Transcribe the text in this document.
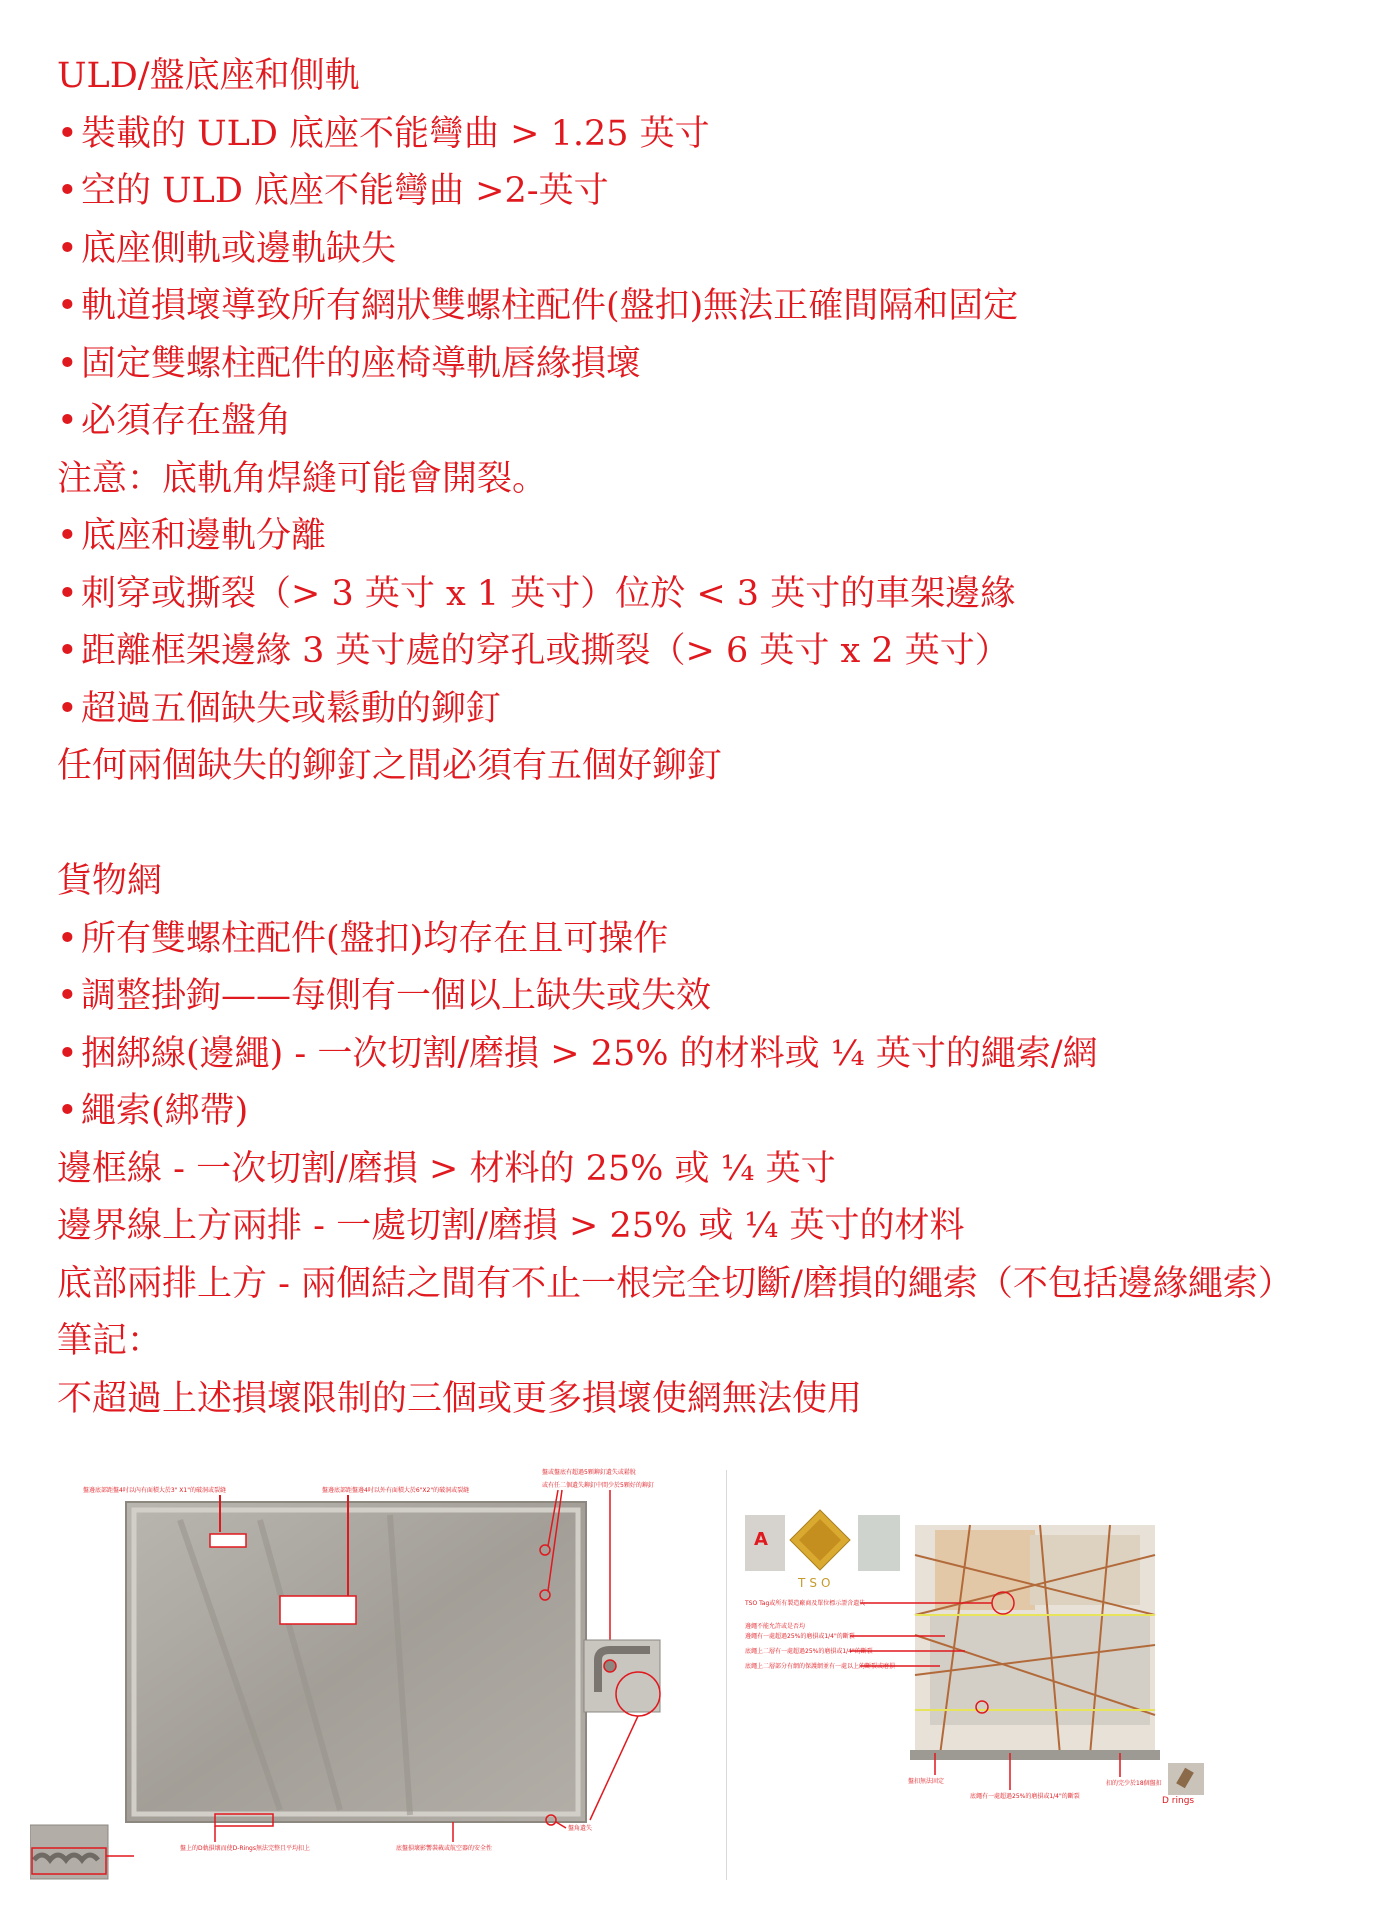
ULD/盤底座和側軌
• 裝載的 ULD 底座不能彎曲 > 1.25 英寸
• 空的 ULD 底座不能彎曲 >2-英寸
• 底座側軌或邊軌缺失
• 軌道損壞導致所有網狀雙螺柱配件(盤扣)無法正確間隔和固定
• 固定雙螺柱配件的座椅導軌唇緣損壞
• 必須存在盤角
注意：底軌角焊縫可能會開裂。
• 底座和邊軌分離
• 刺穿或撕裂（> 3 英寸 x 1 英寸）位於 < 3 英寸的車架邊緣
• 距離框架邊緣 3 英寸處的穿孔或撕裂（> 6 英寸 x 2 英寸）
• 超過五個缺失或鬆動的鉚釘
任何兩個缺失的鉚釘之間必須有五個好鉚釘
貨物網
• 所有雙螺柱配件(盤扣)均存在且可操作
• 調整掛鉤——每側有一個以上缺失或失效
• 捆綁線(邊繩) - 一次切割/磨損 > 25% 的材料或 ¼ 英寸的繩索/網
• 繩索(綁帶)
邊框線 - 一次切割/磨損 > 材料的 25% 或 ¼ 英寸
邊界線上方兩排 - 一處切割/磨損 > 25% 或 ¼ 英寸的材料
底部兩排上方 - 兩個結之間有不止一根完全切斷/磨損的繩索（不包括邊緣繩索）
筆記：
不超過上述損壞限制的三個或更多損壞使網無法使用
盤邊底部距盤4吋以內有面積大於3" X1"的破洞或裂縫	盤邊底部距盤邊4吋以外有面積大於6"X2"的破洞或裂縫
盤或盤底有超過5顆鉚釘遺失或鬆脫
或有任二個遺失鉚釘中間少於5顆好的鉚釘
盤角遺失
盤上的D軌損壞而使D-Rings無法完整且平均扣上	底盤損壞影響裝載或航空器的安全性
A
TSO
TSO Tag或所有製造廠商及單位標示證含遺失
邊繩不能允許或是否均
邊繩有一處超過25%的磨損或1/4"的斷裂
底繩上二層有一處超過25%的磨損或1/4"的斷裂
底繩上二層部分有網的保護網並有一處以上的斷裂或磨損
盤扣無法固定
底繩有一處超過25%的磨損或1/4"的斷裂
扣的完少於18個盤扣
D rings
